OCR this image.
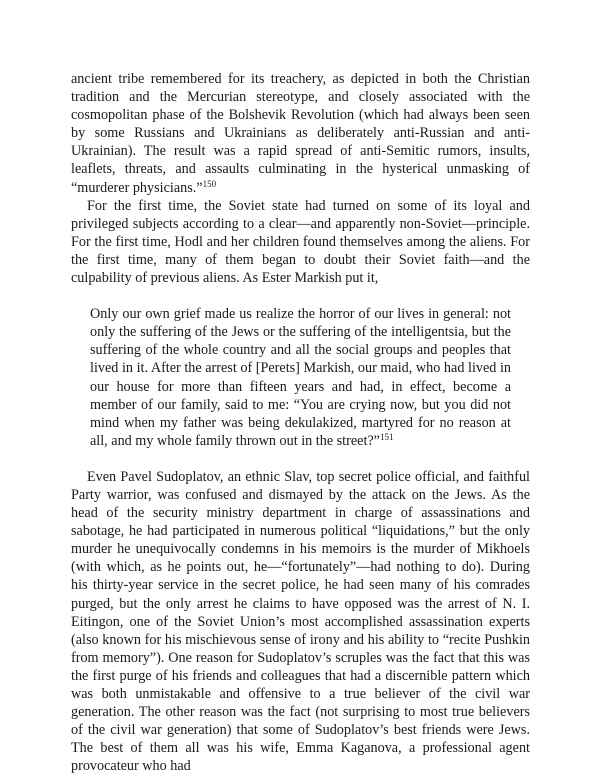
ancient tribe remembered for its treachery, as depicted in both the Christian tradition and the Mercurian stereotype, and closely associated with the cosmopolitan phase of the Bolshevik Revolution (which had always been seen by some Russians and Ukrainians as deliberately anti-Russian and anti-Ukrainian). The result was a rapid spread of anti-Semitic rumors, insults, leaflets, threats, and assaults culminating in the hysterical unmasking of “murderer physicians.”$^{150}$

For the first time, the Soviet state had turned on some of its loyal and privileged subjects according to a clear—and apparently non-Soviet—principle. For the first time, Hodl and her children found themselves among the aliens. For the first time, many of them began to doubt their Soviet faith—and the culpability of previous aliens. As Ester Markish put it,

Only our own grief made us realize the horror of our lives in general: not only the suffering of the Jews or the suffering of the intelligentsia, but the suffering of the whole country and all the social groups and peoples that lived in it. After the arrest of [Perets] Markish, our maid, who had lived in our house for more than fifteen years and had, in effect, become a member of our family, said to me: “You are crying now, but you did not mind when my father was being dekulakized, martyred for no reason at all, and my whole family thrown out in the street?”$^{151}$

Even Pavel Sudoplatov, an ethnic Slav, top secret police official, and faithful Party warrior, was confused and dismayed by the attack on the Jews. As the head of the security ministry department in charge of assassinations and sabotage, he had participated in numerous political “liquidations,” but the only murder he unequivocally condemns in his memoirs is the murder of Mikhoels (with which, as he points out, he—“fortunately”—had nothing to do). During his thirty-year service in the secret police, he had seen many of his comrades purged, but the only arrest he claims to have opposed was the arrest of N. I. Eitingon, one of the Soviet Union’s most accomplished assassination experts (also known for his mischievous sense of irony and his ability to “recite Pushkin from memory”). One reason for Sudoplatov’s scruples was the fact that this was the first purge of his friends and colleagues that had a discernible pattern which was both unmistakable and offensive to a true believer of the civil war generation. The other reason was the fact (not surprising to most true believers of the civil war generation) that some of Sudoplatov’s best friends were Jews. The best of them all was his wife, Emma Kaganova, a professional agent provocateur who had
